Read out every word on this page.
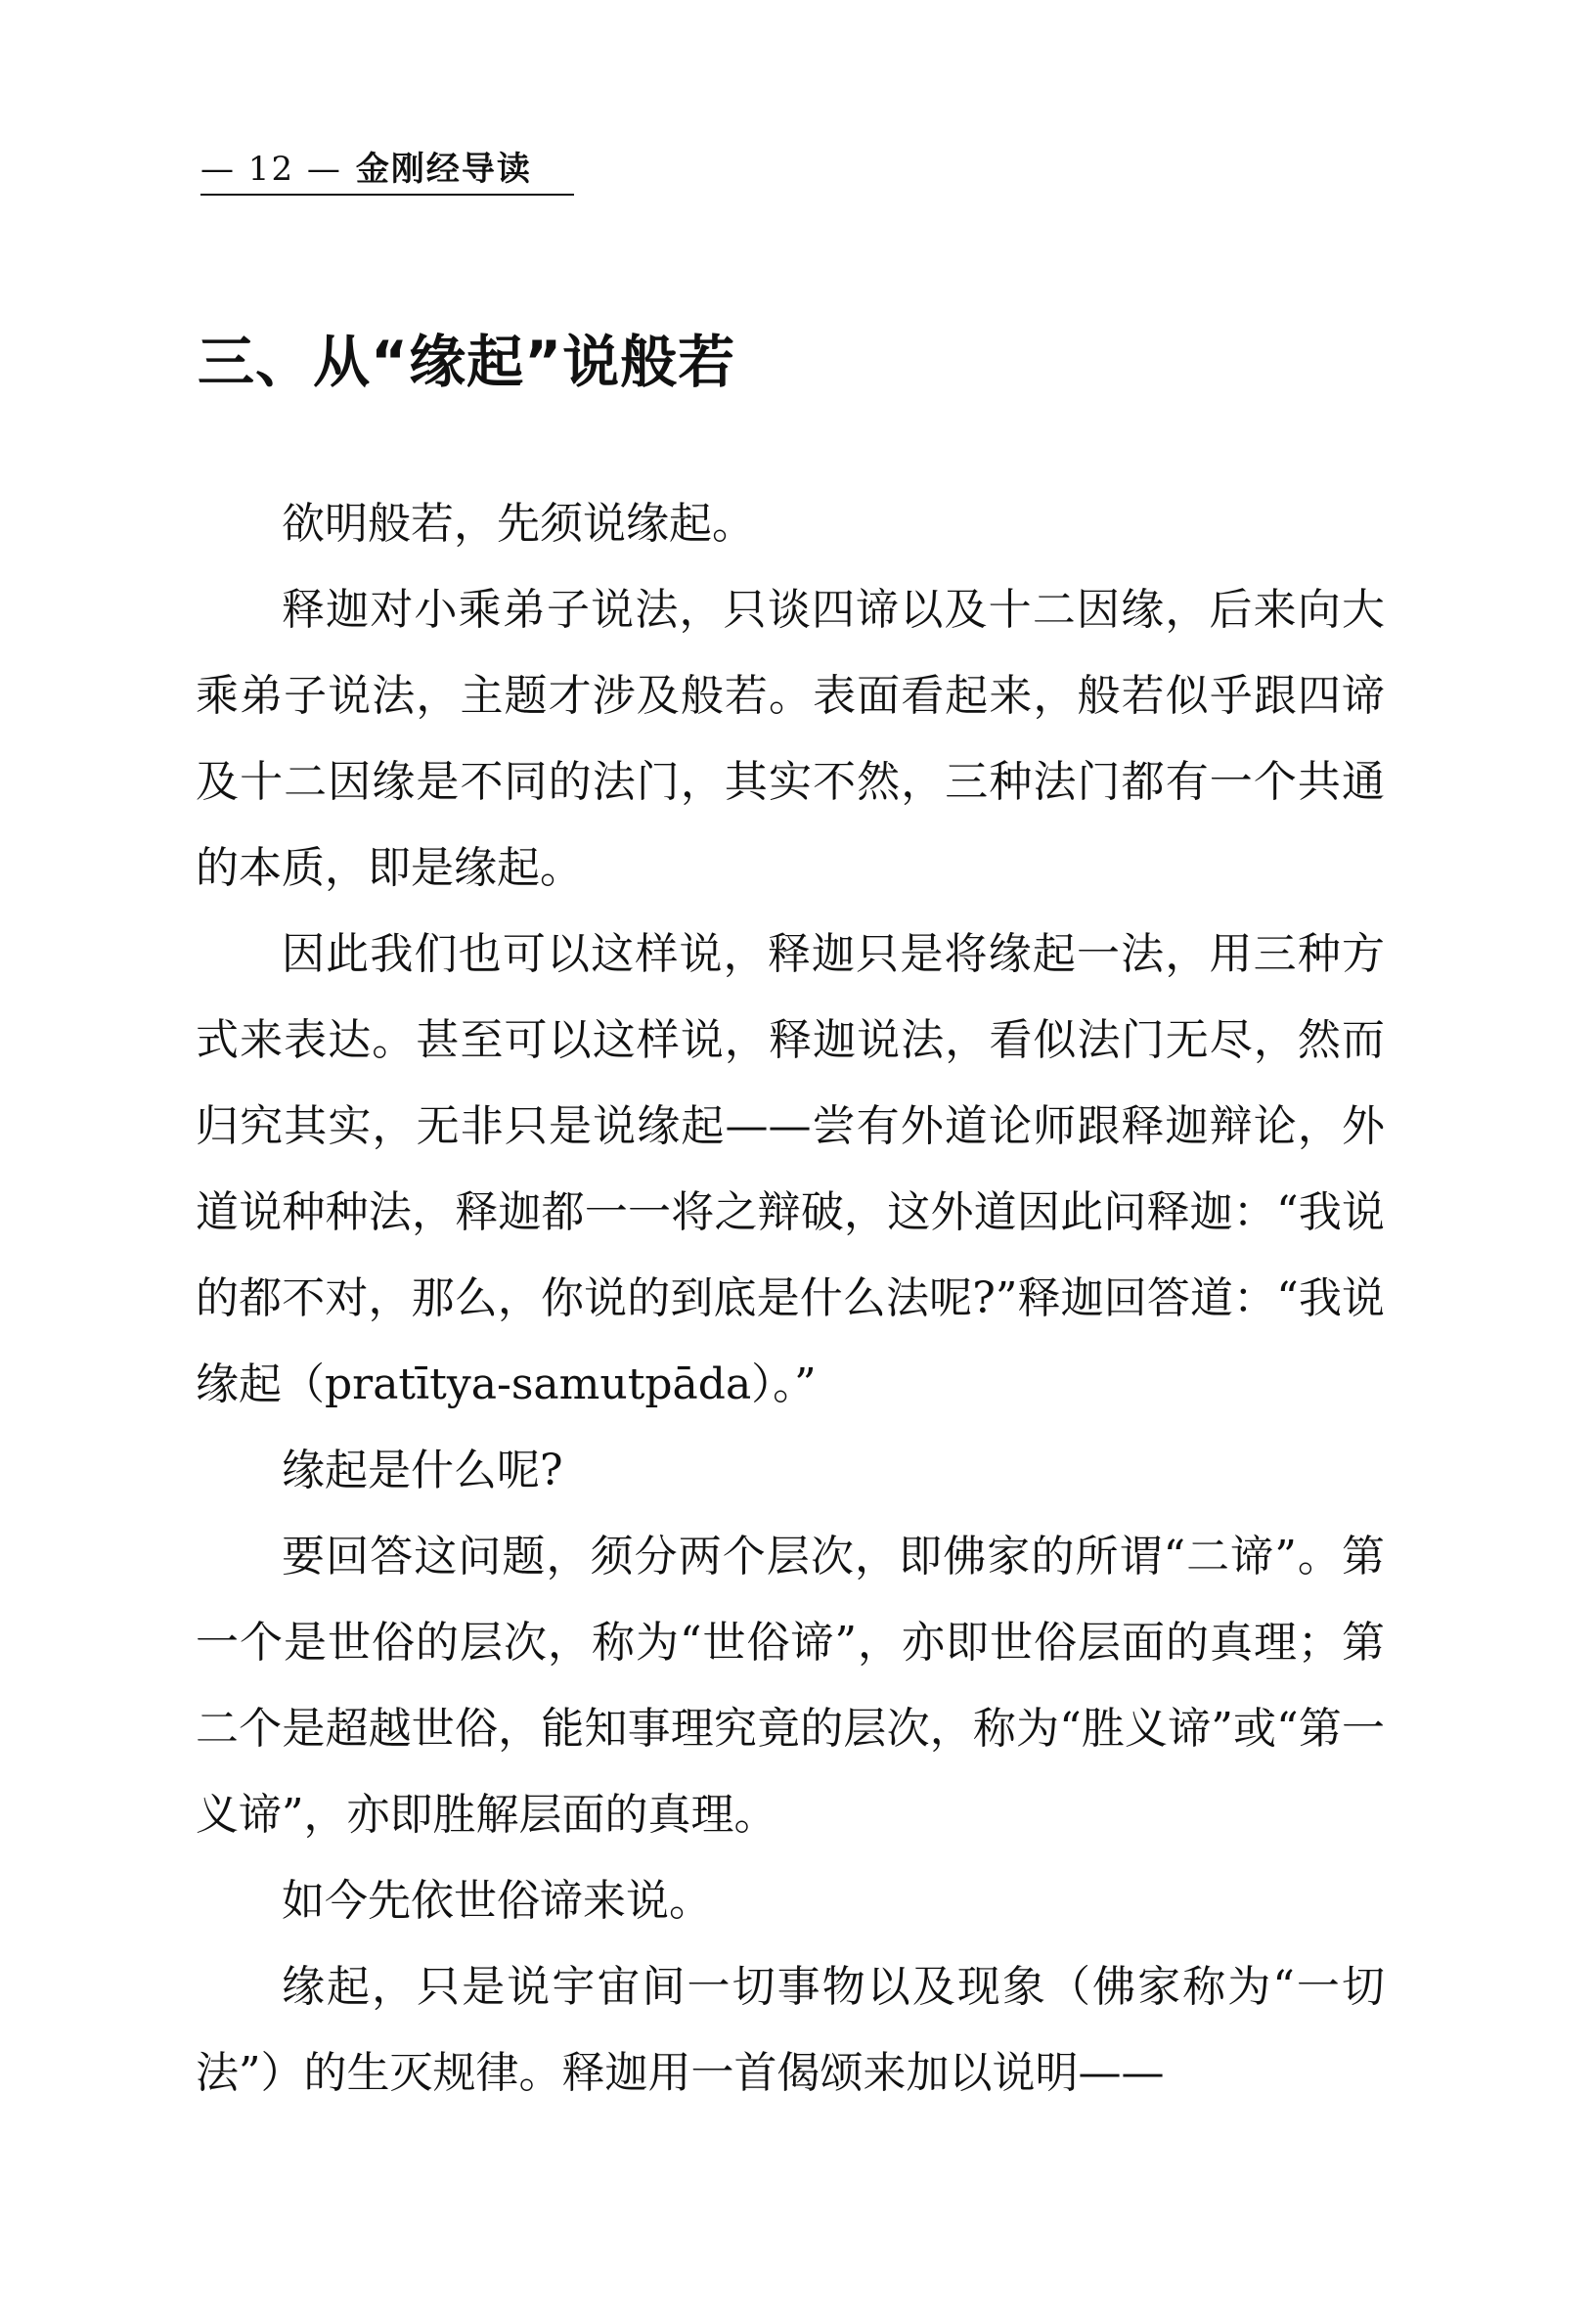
— 12 — 金刚经导读
三、从“缘起”说般若

欲明般若，先须说缘起。

释迦对小乘弟子说法，只谈四谛以及十二因缘，后来向大乘弟子说法，主题才涉及般若。表面看起来，般若似乎跟四谛及十二因缘是不同的法门，其实不然，三种法门都有一个共通的本质，即是缘起。

因此我们也可以这样说，释迦只是将缘起一法，用三种方式来表达。甚至可以这样说，释迦说法，看似法门无尽，然而归究其实，无非只是说缘起——尝有外道论师跟释迦辩论，外道说种种法，释迦都一一将之辩破，这外道因此问释迦：“我说的都不对，那么，你说的到底是什么法呢?”释迦回答道：“我说缘起（pratītya-samutpāda）。”

缘起是什么呢?

要回答这问题，须分两个层次，即佛家的所谓“二谛”。第一个是世俗的层次，称为“世俗谛”，亦即世俗层面的真理；第二个是超越世俗，能知事理究竟的层次，称为“胜义谛”或“第一义谛”，亦即胜解层面的真理。

如今先依世俗谛来说。

缘起，只是说宇宙间一切事物以及现象（佛家称为“一切法”）的生灭规律。释迦用一首偈颂来加以说明——
